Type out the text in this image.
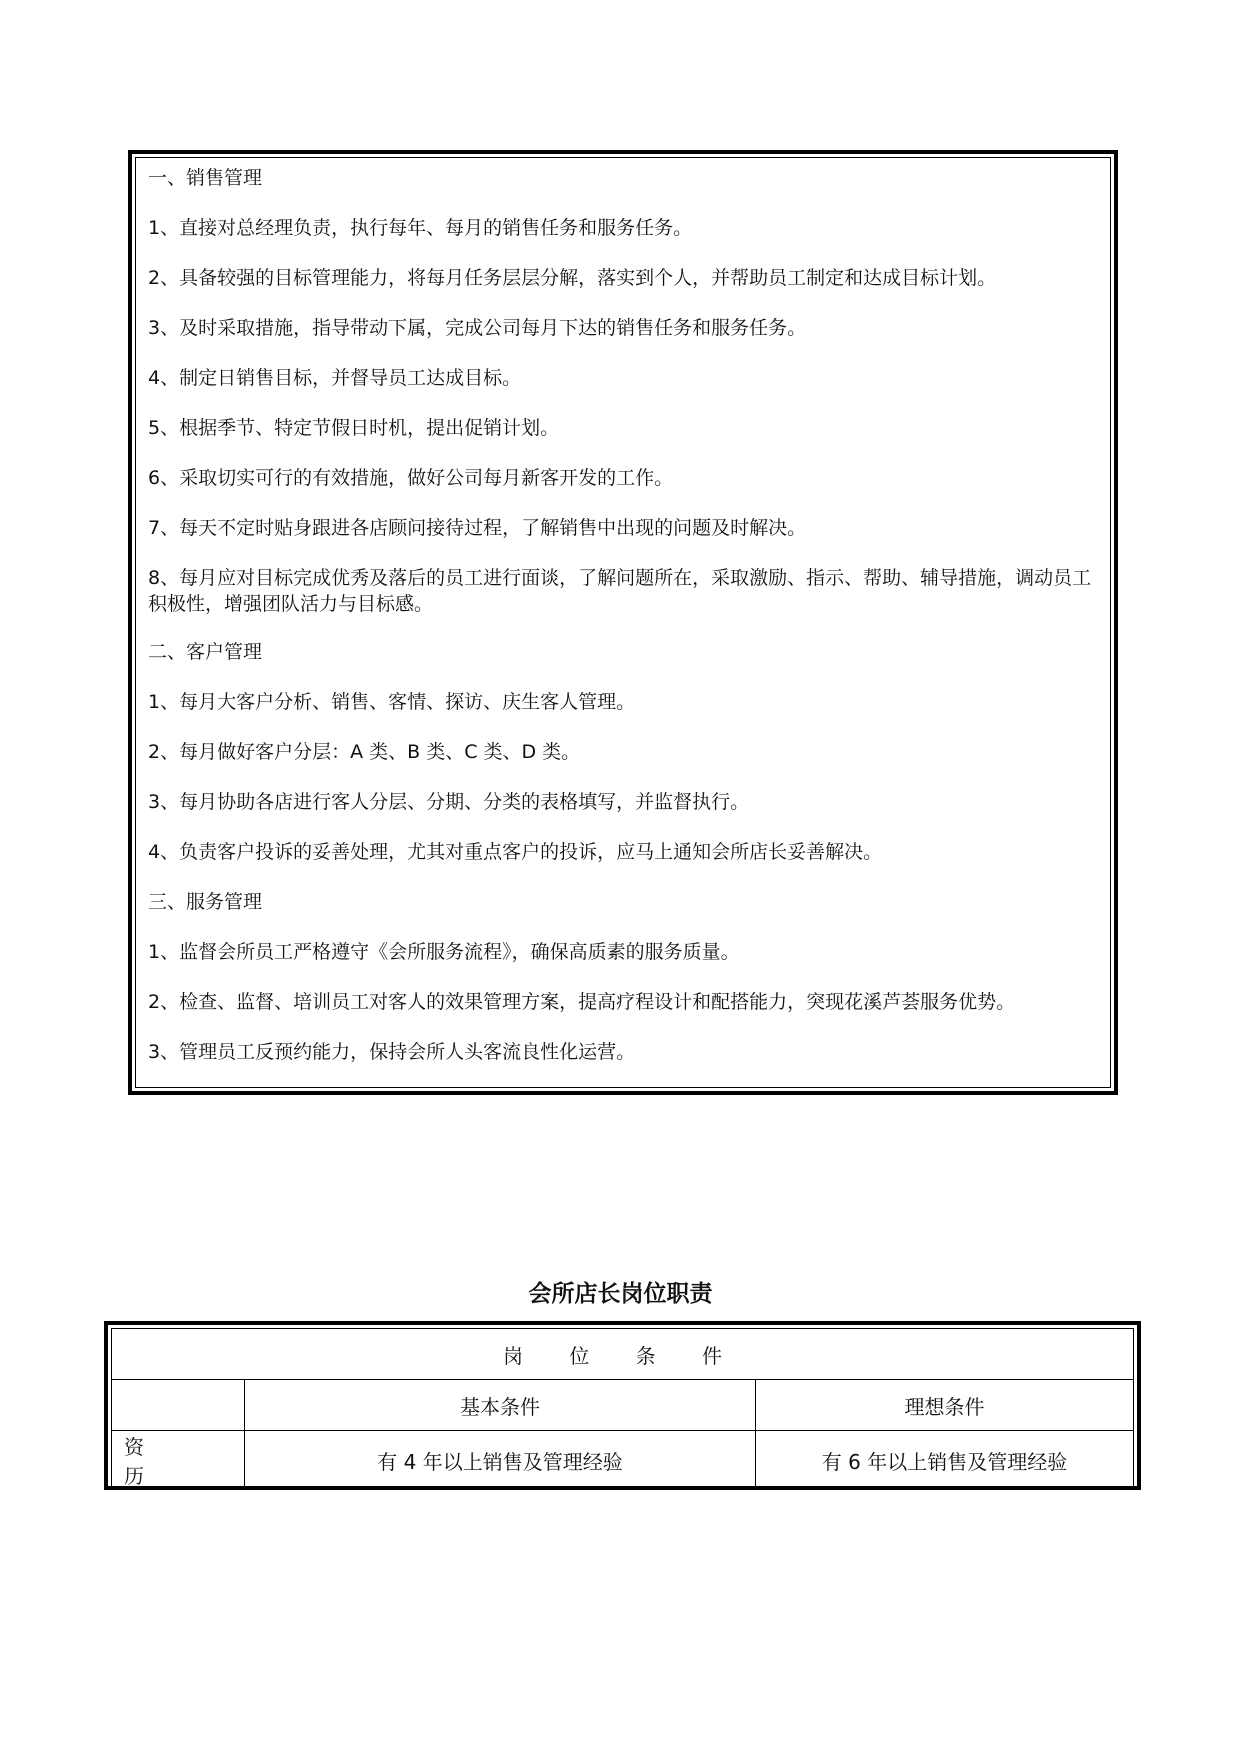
一、销售管理

1、直接对总经理负责，执行每年、每月的销售任务和服务任务。

2、具备较强的目标管理能力，将每月任务层层分解，落实到个人，并帮助员工制定和达成目标计划。

3、及时采取措施，指导带动下属，完成公司每月下达的销售任务和服务任务。

4、制定日销售目标，并督导员工达成目标。

5、根据季节、特定节假日时机，提出促销计划。

6、采取切实可行的有效措施，做好公司每月新客开发的工作。

7、每天不定时贴身跟进各店顾问接待过程，了解销售中出现的问题及时解决。

8、每月应对目标完成优秀及落后的员工进行面谈，了解问题所在，采取激励、指示、帮助、辅导措施，调动员工积极性，增强团队活力与目标感。

二、客户管理

1、每月大客户分析、销售、客情、探访、庆生客人管理。

2、每月做好客户分层：A 类、B 类、C 类、D 类。

3、每月协助各店进行客人分层、分期、分类的表格填写，并监督执行。

4、负责客户投诉的妥善处理，尤其对重点客户的投诉，应马上通知会所店长妥善解决。

三、服务管理

1、监督会所员工严格遵守《会所服务流程》，确保高质素的服务质量。

2、检查、监督、培训员工对客人的效果管理方案，提高疗程设计和配搭能力，突现花溪芦荟服务优势。

3、管理员工反预约能力，保持会所人头客流良性化运营。

会所店长岗位职责
岗 位 条 件		
	基本条件	理想条件
资 历	有 4 年以上销售及管理经验	有 6 年以上销售及管理经验
